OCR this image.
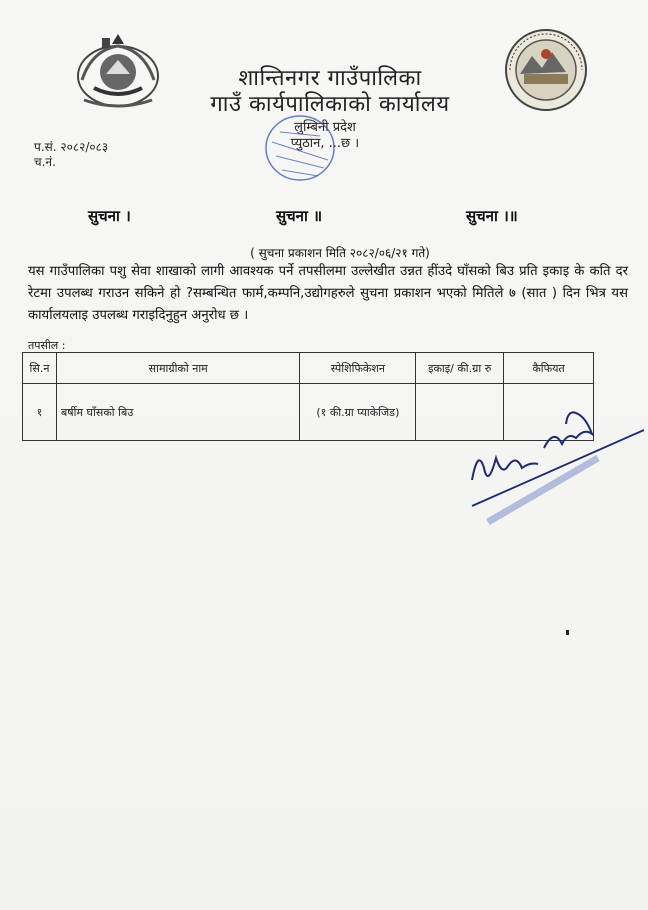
शान्तिनगर गाउँपालिका
गाउँ कार्यपालिकाको कार्यालय
लुम्बिनी प्रदेश
प्युठान, ...छ ।
प.सं. २०८२/०८३
च.नं.
सुचना ।	सुचना ॥	सुचना ।॥
( सुचना प्रकाशन मिति २०८२/०६/२१ गते)
यस गाउँपालिका पशु सेवा शाखाको लागी आवश्यक पर्ने तपसीलमा उल्लेखीत उन्नत हींउदे घाँसको बिउ प्रति इकाइ के कति दर रेटमा उपलब्ध गराउन सकिने हो ?सम्बन्धित फार्म,कम्पनि,उद्योगहरुले सुचना प्रकाशन भएको मितिले ७ (सात ) दिन भित्र यस कार्यालयलाइ उपलब्ध गराइदिनुहुन अनुरोध छ ।
तपसील :
सि.न	सामाग्रीको नाम	स्पेशिफिकेशन	इकाइ/ की.ग्रा रु	कैफियत
१	बर्षीम घाँसको बिउ	(१ की.ग्रा प्याकेजिड)		
